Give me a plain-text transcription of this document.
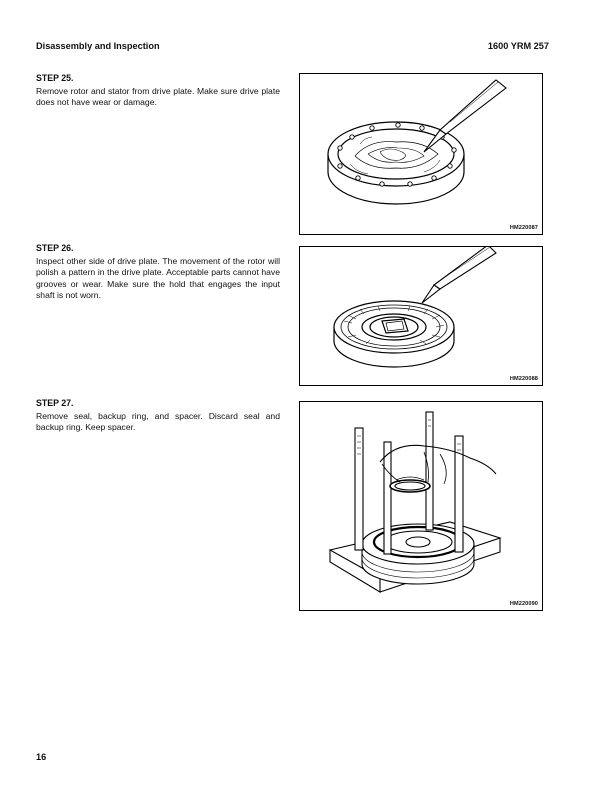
Disassembly and Inspection	1600 YRM 257
STEP 25.

Remove rotor and stator from drive plate. Make sure drive plate does not have wear or damage.

HM220087
STEP 26.

Inspect other side of drive plate. The movement of the rotor will polish a pattern in the drive plate. Acceptable parts cannot have grooves or wear. Make sure the hold that engages the input shaft is not worn.

HM220088
STEP 27.

Remove seal, backup ring, and spacer. Discard seal and backup ring. Keep spacer.

HM220090
16
